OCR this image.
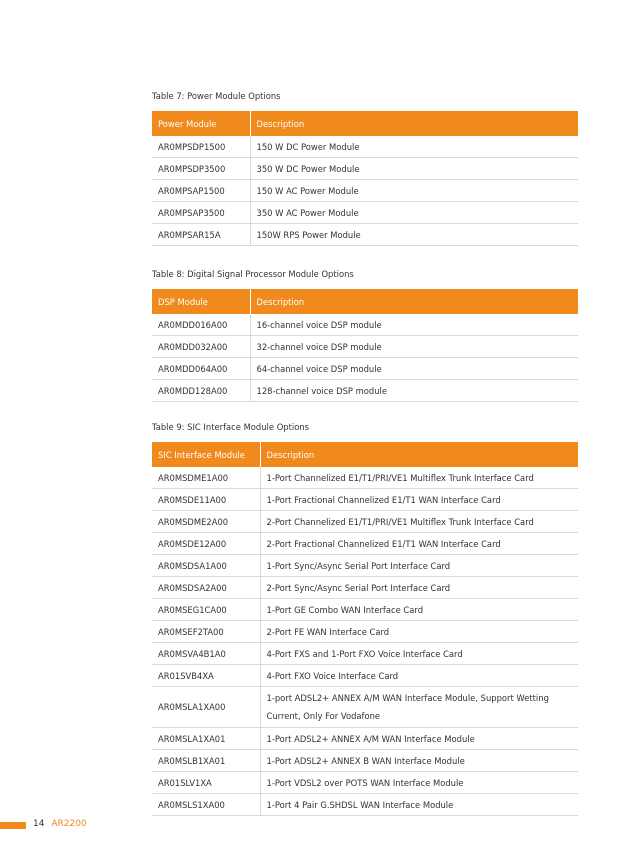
Table 7: Power Module Options
Power Module	Description
AR0MPSDP1500	150 W DC Power Module
AR0MPSDP3500	350 W DC Power Module
AR0MPSAP1500	150 W AC Power Module
AR0MPSAP3500	350 W AC Power Module
AR0MPSAR15A	150W RPS Power Module
Table 8: Digital Signal Processor Module Options
DSP Module	Description
AR0MDD016A00	16-channel voice DSP module
AR0MDD032A00	32-channel voice DSP module
AR0MDD064A00	64-channel voice DSP module
AR0MDD128A00	128-channel voice DSP module
Table 9: SIC Interface Module Options
SIC Interface Module	Description
AR0MSDME1A00	1-Port Channelized E1/T1/PRI/VE1 Multiflex Trunk Interface Card
AR0MSDE11A00	1-Port Fractional Channelized E1/T1 WAN Interface Card
AR0MSDME2A00	2-Port Channelized E1/T1/PRI/VE1 Multiflex Trunk Interface Card
AR0MSDE12A00	2-Port Fractional Channelized E1/T1 WAN Interface Card
AR0MSDSA1A00	1-Port Sync/Async Serial Port Interface Card
AR0MSDSA2A00	2-Port Sync/Async Serial Port Interface Card
AR0MSEG1CA00	1-Port GE Combo WAN Interface Card
AR0MSEF2TA00	2-Port FE WAN Interface Card
AR0MSVA4B1A0	4-Port FXS and 1-Port FXO Voice Interface Card
AR01SVB4XA	4-Port FXO Voice Interface Card
AR0MSLA1XA00	1-port ADSL2+ ANNEX A/M WAN Interface Module, Support Wetting Current, Only For Vodafone
AR0MSLA1XA01	1-Port ADSL2+ ANNEX A/M WAN Interface Module
AR0MSLB1XA01	1-Port ADSL2+ ANNEX B WAN Interface Module
AR01SLV1XA	1-Port VDSL2 over POTS WAN Interface Module
AR0MSLS1XA00	1-Port 4 Pair G.SHDSL WAN Interface Module
14 AR2200
